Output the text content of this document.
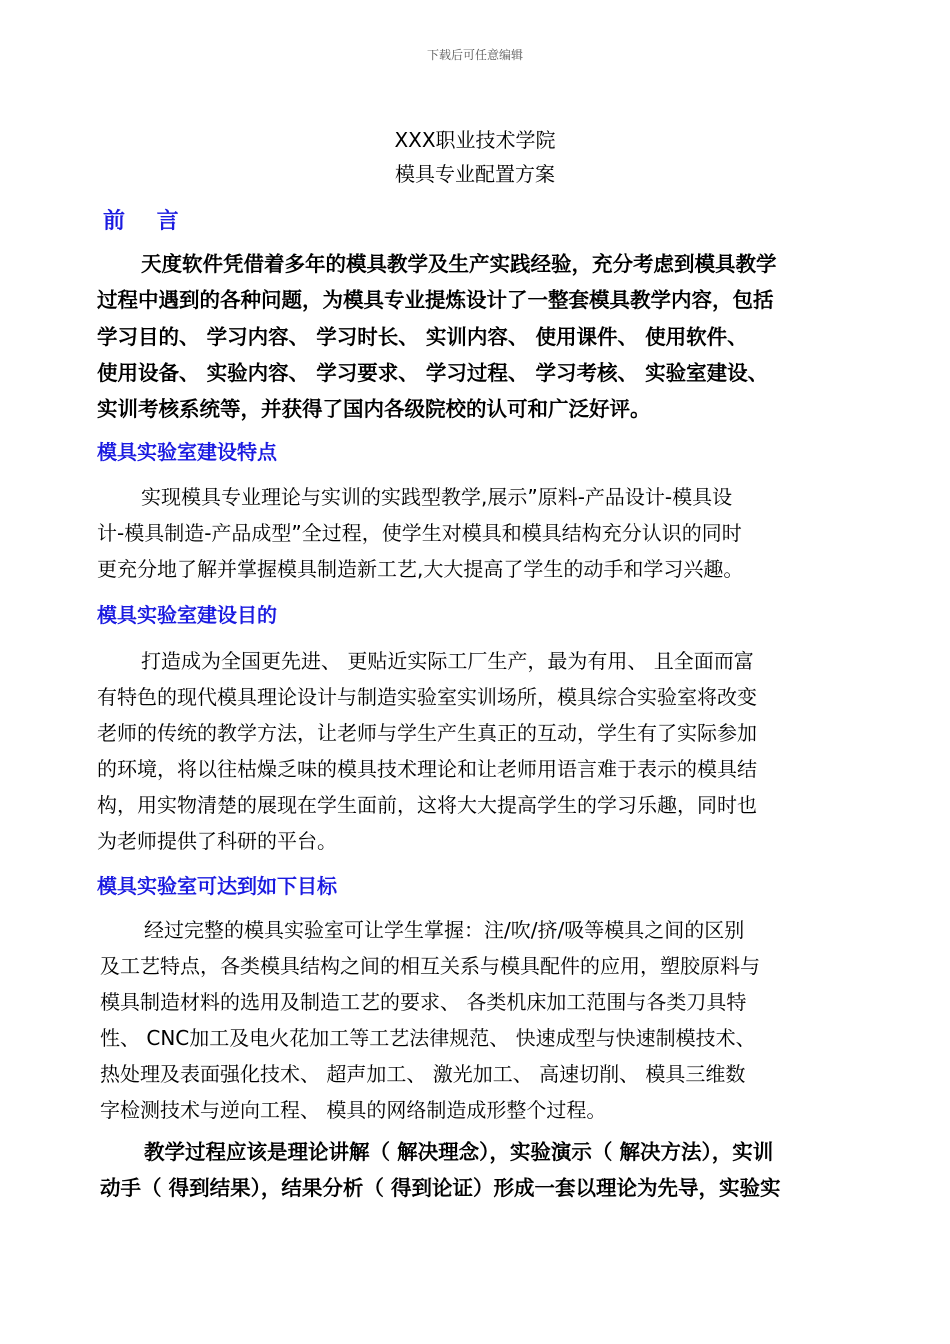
下载后可任意编辑
XXX职业技术学院
模具专业配置方案
前 言
天度软件凭借着多年的模具教学及生产实践经验，充分考虑到模具教学
过程中遇到的各种问题，为模具专业提炼设计了一整套模具教学内容，包括
学习目的、 学习内容、 学习时长、 实训内容、 使用课件、 使用软件、
使用设备、 实验内容、 学习要求、 学习过程、 学习考核、 实验室建设、
实训考核系统等，并获得了国内各级院校的认可和广泛好评。
模具实验室建设特点
实现模具专业理论与实训的实践型教学,展示”原料-产品设计-模具设
计-模具制造-产品成型”全过程，使学生对模具和模具结构充分认识的同时
更充分地了解并掌握模具制造新工艺,大大提高了学生的动手和学习兴趣。
模具实验室建设目的
打造成为全国更先进、 更贴近实际工厂生产，最为有用、 且全面而富
有特色的现代模具理论设计与制造实验室实训场所，模具综合实验室将改变
老师的传统的教学方法，让老师与学生产生真正的互动，学生有了实际参加
的环境，将以往枯燥乏味的模具技术理论和让老师用语言难于表示的模具结
构，用实物清楚的展现在学生面前，这将大大提高学生的学习乐趣，同时也
为老师提供了科研的平台。
模具实验室可达到如下目标
经过完整的模具实验室可让学生掌握：注/吹/挤/吸等模具之间的区别
及工艺特点，各类模具结构之间的相互关系与模具配件的应用，塑胶原料与
模具制造材料的选用及制造工艺的要求、 各类机床加工范围与各类刀具特
性、 CNC加工及电火花加工等工艺法律规范、 快速成型与快速制模技术、
热处理及表面强化技术、 超声加工、 激光加工、 高速切削、 模具三维数
字检测技术与逆向工程、 模具的网络制造成形整个过程。
教学过程应该是理论讲解（ 解决理念），实验演示（ 解决方法），实训
动手（ 得到结果），结果分析（ 得到论证）形成一套以理论为先导，实验实
